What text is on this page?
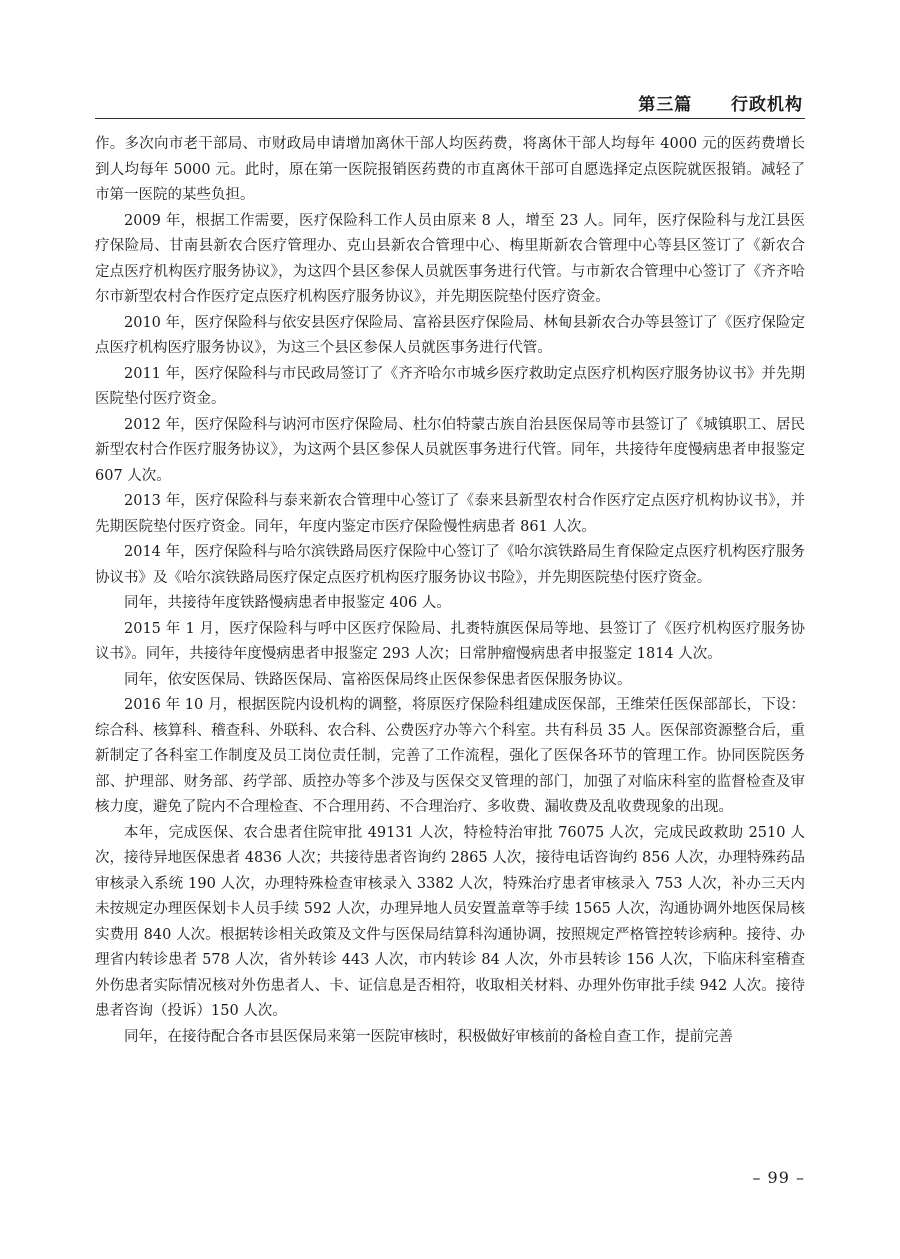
第三篇   行政机构

作。多次向市老干部局、市财政局申请增加离休干部人均医药费，将离休干部人均每年 4000 元的医药费增长到人均每年 5000 元。此时，原在第一医院报销医药费的市直离休干部可自愿选择定点医院就医报销。减轻了市第一医院的某些负担。

2009 年，根据工作需要，医疗保险科工作人员由原来 8 人，增至 23 人。同年，医疗保险科与龙江县医疗保险局、甘南县新农合医疗管理办、克山县新农合管理中心、梅里斯新农合管理中心等县区签订了《新农合定点医疗机构医疗服务协议》，为这四个县区参保人员就医事务进行代管。与市新农合管理中心签订了《齐齐哈尔市新型农村合作医疗定点医疗机构医疗服务协议》，并先期医院垫付医疗资金。

2010 年，医疗保险科与依安县医疗保险局、富裕县医疗保险局、林甸县新农合办等县签订了《医疗保险定点医疗机构医疗服务协议》，为这三个县区参保人员就医事务进行代管。

2011 年，医疗保险科与市民政局签订了《齐齐哈尔市城乡医疗救助定点医疗机构医疗服务协议书》并先期医院垫付医疗资金。

2012 年，医疗保险科与讷河市医疗保险局、杜尔伯特蒙古族自治县医保局等市县签订了《城镇职工、居民新型农村合作医疗服务协议》，为这两个县区参保人员就医事务进行代管。同年，共接待年度慢病患者申报鉴定 607 人次。

2013 年，医疗保险科与泰来新农合管理中心签订了《泰来县新型农村合作医疗定点医疗机构协议书》，并先期医院垫付医疗资金。同年，年度内鉴定市医疗保险慢性病患者 861 人次。

2014 年，医疗保险科与哈尔滨铁路局医疗保险中心签订了《哈尔滨铁路局生育保险定点医疗机构医疗服务协议书》及《哈尔滨铁路局医疗保定点医疗机构医疗服务协议书险》，并先期医院垫付医疗资金。

同年，共接待年度铁路慢病患者申报鉴定 406 人。

2015 年 1 月，医疗保险科与呼中区医疗保险局、扎赉特旗医保局等地、县签订了《医疗机构医疗服务协议书》。同年，共接待年度慢病患者申报鉴定 293 人次；日常肿瘤慢病患者申报鉴定 1814 人次。

同年，依安医保局、铁路医保局、富裕医保局终止医保参保患者医保服务协议。

2016 年 10 月，根据医院内设机构的调整，将原医疗保险科组建成医保部，王维荣任医保部部长，下设：综合科、核算科、稽查科、外联科、农合科、公费医疗办等六个科室。共有科员 35 人。医保部资源整合后，重新制定了各科室工作制度及员工岗位责任制，完善了工作流程，强化了医保各环节的管理工作。协同医院医务部、护理部、财务部、药学部、质控办等多个涉及与医保交叉管理的部门，加强了对临床科室的监督检查及审核力度，避免了院内不合理检查、不合理用药、不合理治疗、多收费、漏收费及乱收费现象的出现。

本年，完成医保、农合患者住院审批 49131 人次，特检特治审批 76075 人次，完成民政救助 2510 人次，接待异地医保患者 4836 人次；共接待患者咨询约 2865 人次，接待电话咨询约 856 人次，办理特殊药品审核录入系统 190 人次，办理特殊检查审核录入 3382 人次，特殊治疗患者审核录入 753 人次，补办三天内未按规定办理医保划卡人员手续 592 人次，办理异地人员安置盖章等手续 1565 人次，沟通协调外地医保局核实费用 840 人次。根据转诊相关政策及文件与医保局结算科沟通协调，按照规定严格管控转诊病种。接待、办理省内转诊患者 578 人次，省外转诊 443 人次，市内转诊 84 人次，外市县转诊 156 人次，下临床科室稽查外伤患者实际情况核对外伤患者人、卡、证信息是否相符，收取相关材料、办理外伤审批手续 942 人次。接待患者咨询（投诉）150 人次。

同年，在接待配合各市县医保局来第一医院审核时，积极做好审核前的备检自查工作，提前完善

– 99 –
